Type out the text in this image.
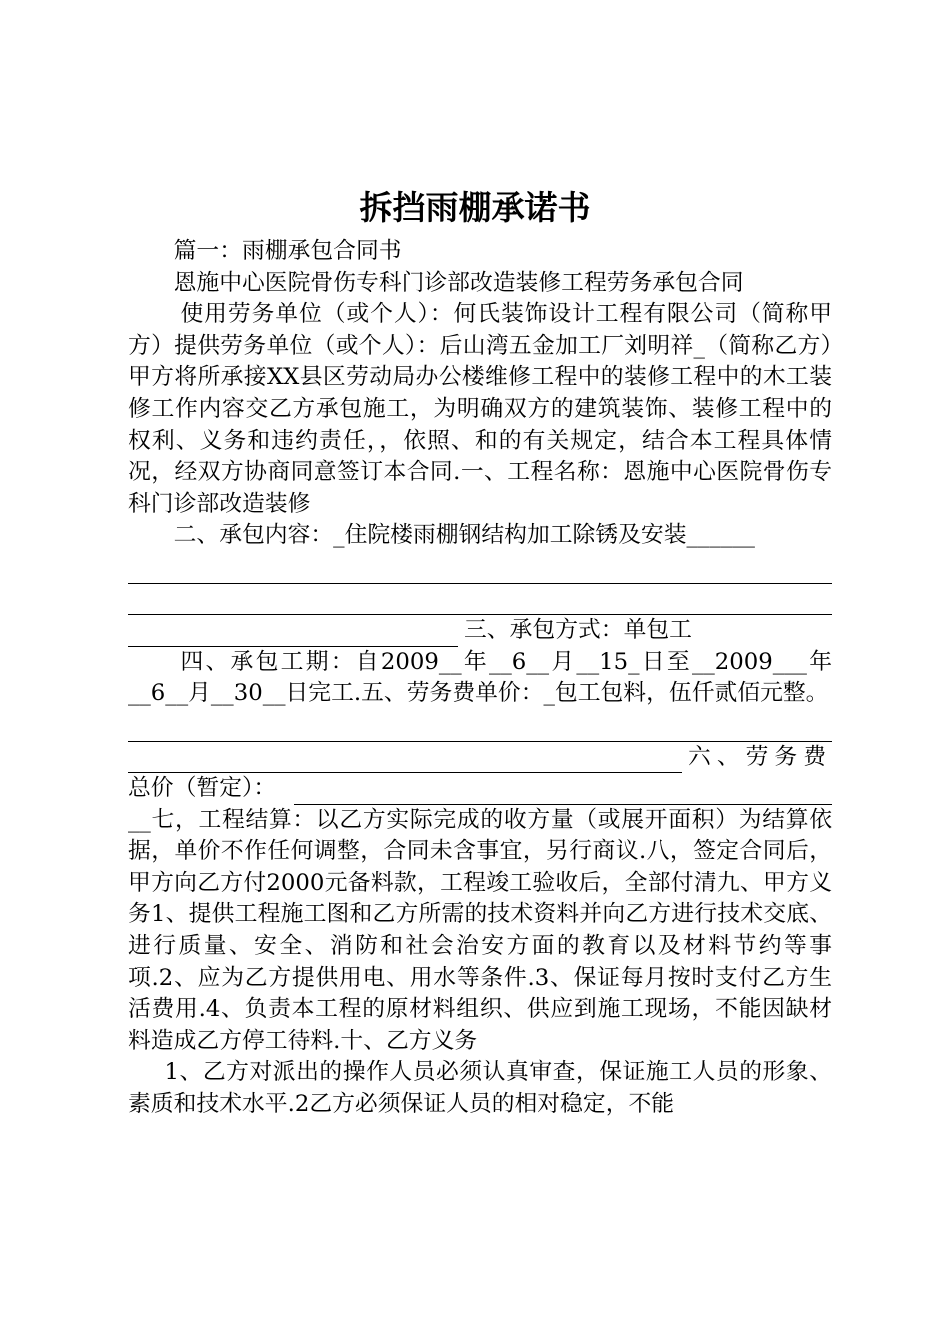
拆挡雨棚承诺书

篇一：雨棚承包合同书

恩施中心医院骨伤专科门诊部改造装修工程劳务承包合同

使用劳务单位（或个人）：何氏装饰设计工程有限公司（简称甲方）提供劳务单位（或个人）：后山湾五金加工厂刘明祥_（简称乙方）甲方将所承接XX县区劳动局办公楼维修工程中的装修工程中的木工装修工作内容交乙方承包施工，为明确双方的建筑装饰、装修工程中的权利、义务和违约责任，，依照、和的有关规定，结合本工程具体情况，经双方协商同意签订本合同.一、工程名称：恩施中心医院骨伤专科门诊部改造装修

二、承包内容：_住院楼雨棚钢结构加工除锈及安装______

三、承包方式：单包工

四、承包工期：自2009__年__6__月__15_日至__2009___年__6__月__30__日完工.五、劳务费单价：_包工包料，伍仟贰佰元整。

六、劳务费
总价（暂定）：

__七，工程结算：以乙方实际完成的收方量（或展开面积）为结算依据，单价不作任何调整，合同未含事宜，另行商议.八，签定合同后，甲方向乙方付2000元备料款，工程竣工验收后，全部付清九、甲方义务1、提供工程施工图和乙方所需的技术资料并向乙方进行技术交底、进行质量、安全、消防和社会治安方面的教育以及材料节约等事项.2、应为乙方提供用电、用水等条件.3、保证每月按时支付乙方生活费用.4、负责本工程的原材料组织、供应到施工现场，不能因缺材料造成乙方停工待料.十、乙方义务

1、乙方对派出的操作人员必须认真审查，保证施工人员的形象、素质和技术水平.2乙方必须保证人员的相对稳定，不能
